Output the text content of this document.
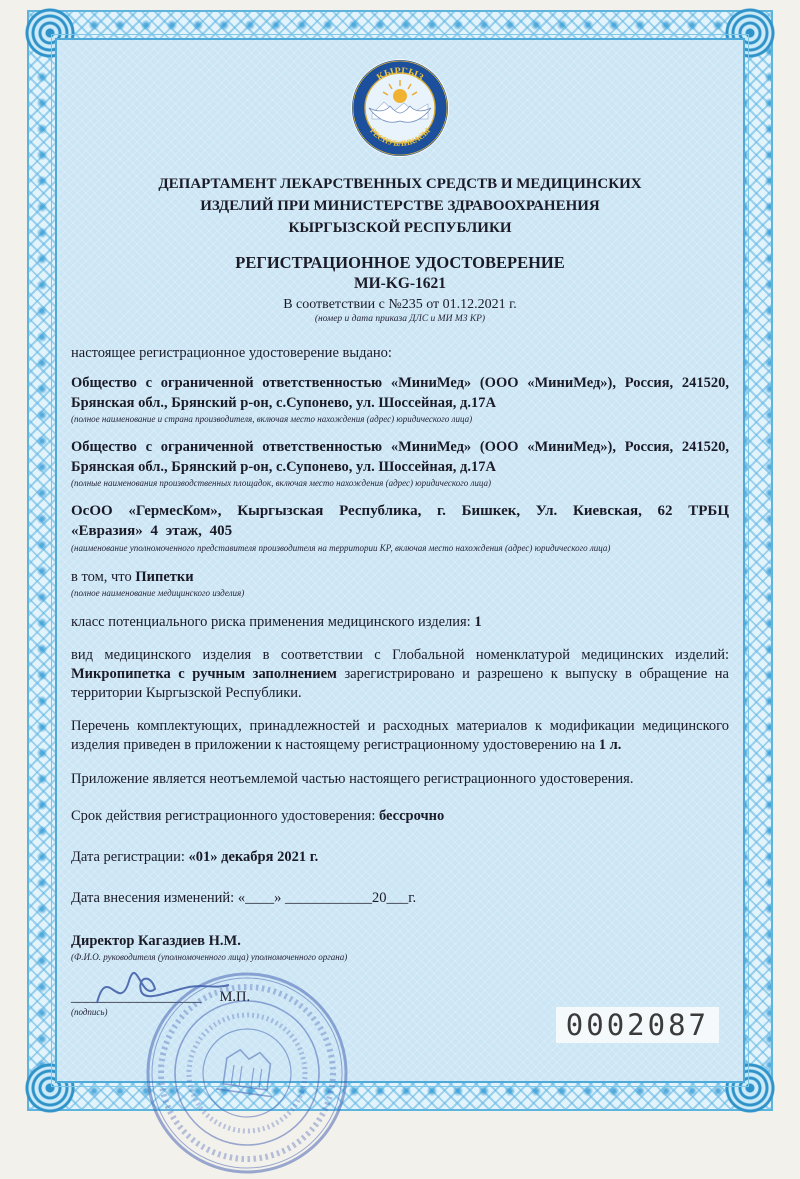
КЫРГЫЗ
РЕСПУБЛИКАСЫ
ДЕПАРТАМЕНТ ЛЕКАРСТВЕННЫХ СРЕДСТВ И МЕДИЦИНСКИХ
ИЗДЕЛИЙ ПРИ МИНИСТЕРСТВЕ ЗДРАВООХРАНЕНИЯ
КЫРГЫЗСКОЙ РЕСПУБЛИКИ
РЕГИСТРАЦИОННОЕ УДОСТОВЕРЕНИЕ
МИ-KG-1621
В соответствии с №235 от 01.12.2021 г.
(номер и дата приказа ДЛС и МИ МЗ КР)

настоящее регистрационное удостоверение выдано:

Общество с ограниченной ответственностью «МиниМед» (ООО «МиниМед»), Россия, 241520, Брянская обл., Брянский р-он, с.Супонево, ул. Шоссейная, д.17А

(полное наименование и страна производителя, включая место нахождения (адрес) юридического лица)

Общество с ограниченной ответственностью «МиниМед» (ООО «МиниМед»), Россия, 241520, Брянская обл., Брянский р-он, с.Супонево, ул. Шоссейная, д.17А

(полные наименования производственных площадок, включая место нахождения (адрес) юридического лица)

ОсОО «ГермесКом», Кыргызская Республика, г. Бишкек, Ул. Киевская, 62 ТРБЦ «Евразия» 4 этаж, 405

(наименование уполномоченного представителя производителя на территории КР, включая место нахождения (адрес) юридического лица)

в том, что Пипетки

(полное наименование медицинского изделия)

класс потенциального риска применения медицинского изделия: 1

вид медицинского изделия в соответствии с Глобальной номенклатурой медицинских изделий: Микропипетка с ручным заполнением зарегистрировано и разрешено к выпуску в обращение на территории Кыргызской Республики.

Перечень комплектующих, принадлежностей и расходных материалов к модификации медицинского изделия приведен в приложении к настоящему регистрационному удостоверению на 1 л.

Приложение является неотъемлемой частью настоящего регистрационного удостоверения.

Срок действия регистрационного удостоверения: бессрочно

Дата регистрации: «01» декабря 2021 г.

Дата внесения изменений: «____» ____________20___г.

Директор Кагаздиев Н.М.

(Ф.И.О. руководителя (уполномоченного лица) уполномоченного органа)
__________________ М.П.
(подпись)	0002087
